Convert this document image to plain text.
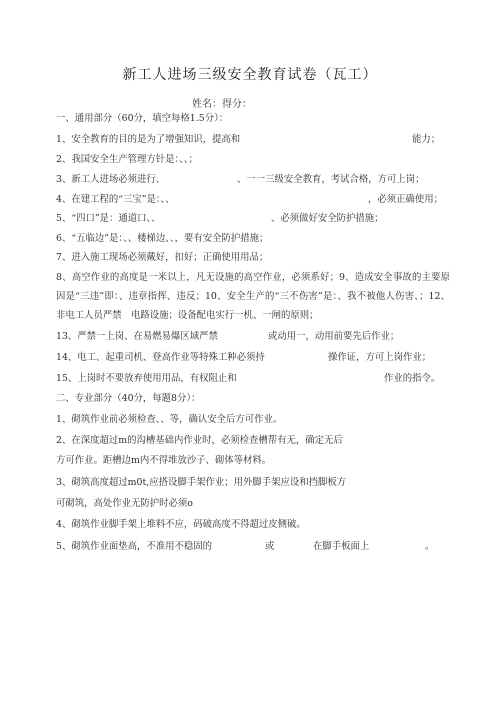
新工人进场三级安全教育试卷（瓦工）
姓名：得分：
一、通用部分（60分，填空每格1.5分）：
1、安全教育的目的是为了增强知识，提高和	能力；
2、我国安全生产管理方针是：、、；
3、新工人进场必须进行、	、一一三级安全教育，考试合格，方可上岗；
4、在建工程的“三宝”是：、、	，必须正确使用；
5、“四口”是：通道口、、	、必须做好安全防护措施；
6、“五临边”是：、、楼梯边、、，要有安全防护措施；
7、进入施工现场必须戴好，扣好；正确使用用品；
8、高空作业的高度是一米以上，凡无设施的高空作业，必须系好；9、造成安全事故的主要原因是“三违”即：、违章指挥、违反；10、安全生产的“三不伤害”是：、我不被他人伤害、；12、非电工人员严禁　电路设施；设备配电实行一机、一闸的原则；
13、严禁一上岗、在易燃易爆区域严禁	或动用一，动用前要先后作业；
14、电工、起重司机、登高作业等特殊工种必须持	操作证，方可上岗作业；
15、上岗时不要放弃使用用品，有权阻止和	作业的指令。
二、专业部分（40分，每题8分）：
1、砌筑作业前必须检查、、等，确认安全后方可作业。
2、在深度超过m的沟槽基础内作业时，必须检查槽帮有无，确定无后
方可作业。距槽边m内不得堆放沙子、砌体等材料。
3、砌筑高度超过m0t,应搭设脚手架作业；用外脚手架应设和挡脚板方
可砌筑，高处作业无防护时必须o
4、砌筑作业脚手架上堆料不应，码破高度不得超过皮侧破。
5、砌筑作业面垫高，不准用不稳固的	或	在脚手板面上	。
